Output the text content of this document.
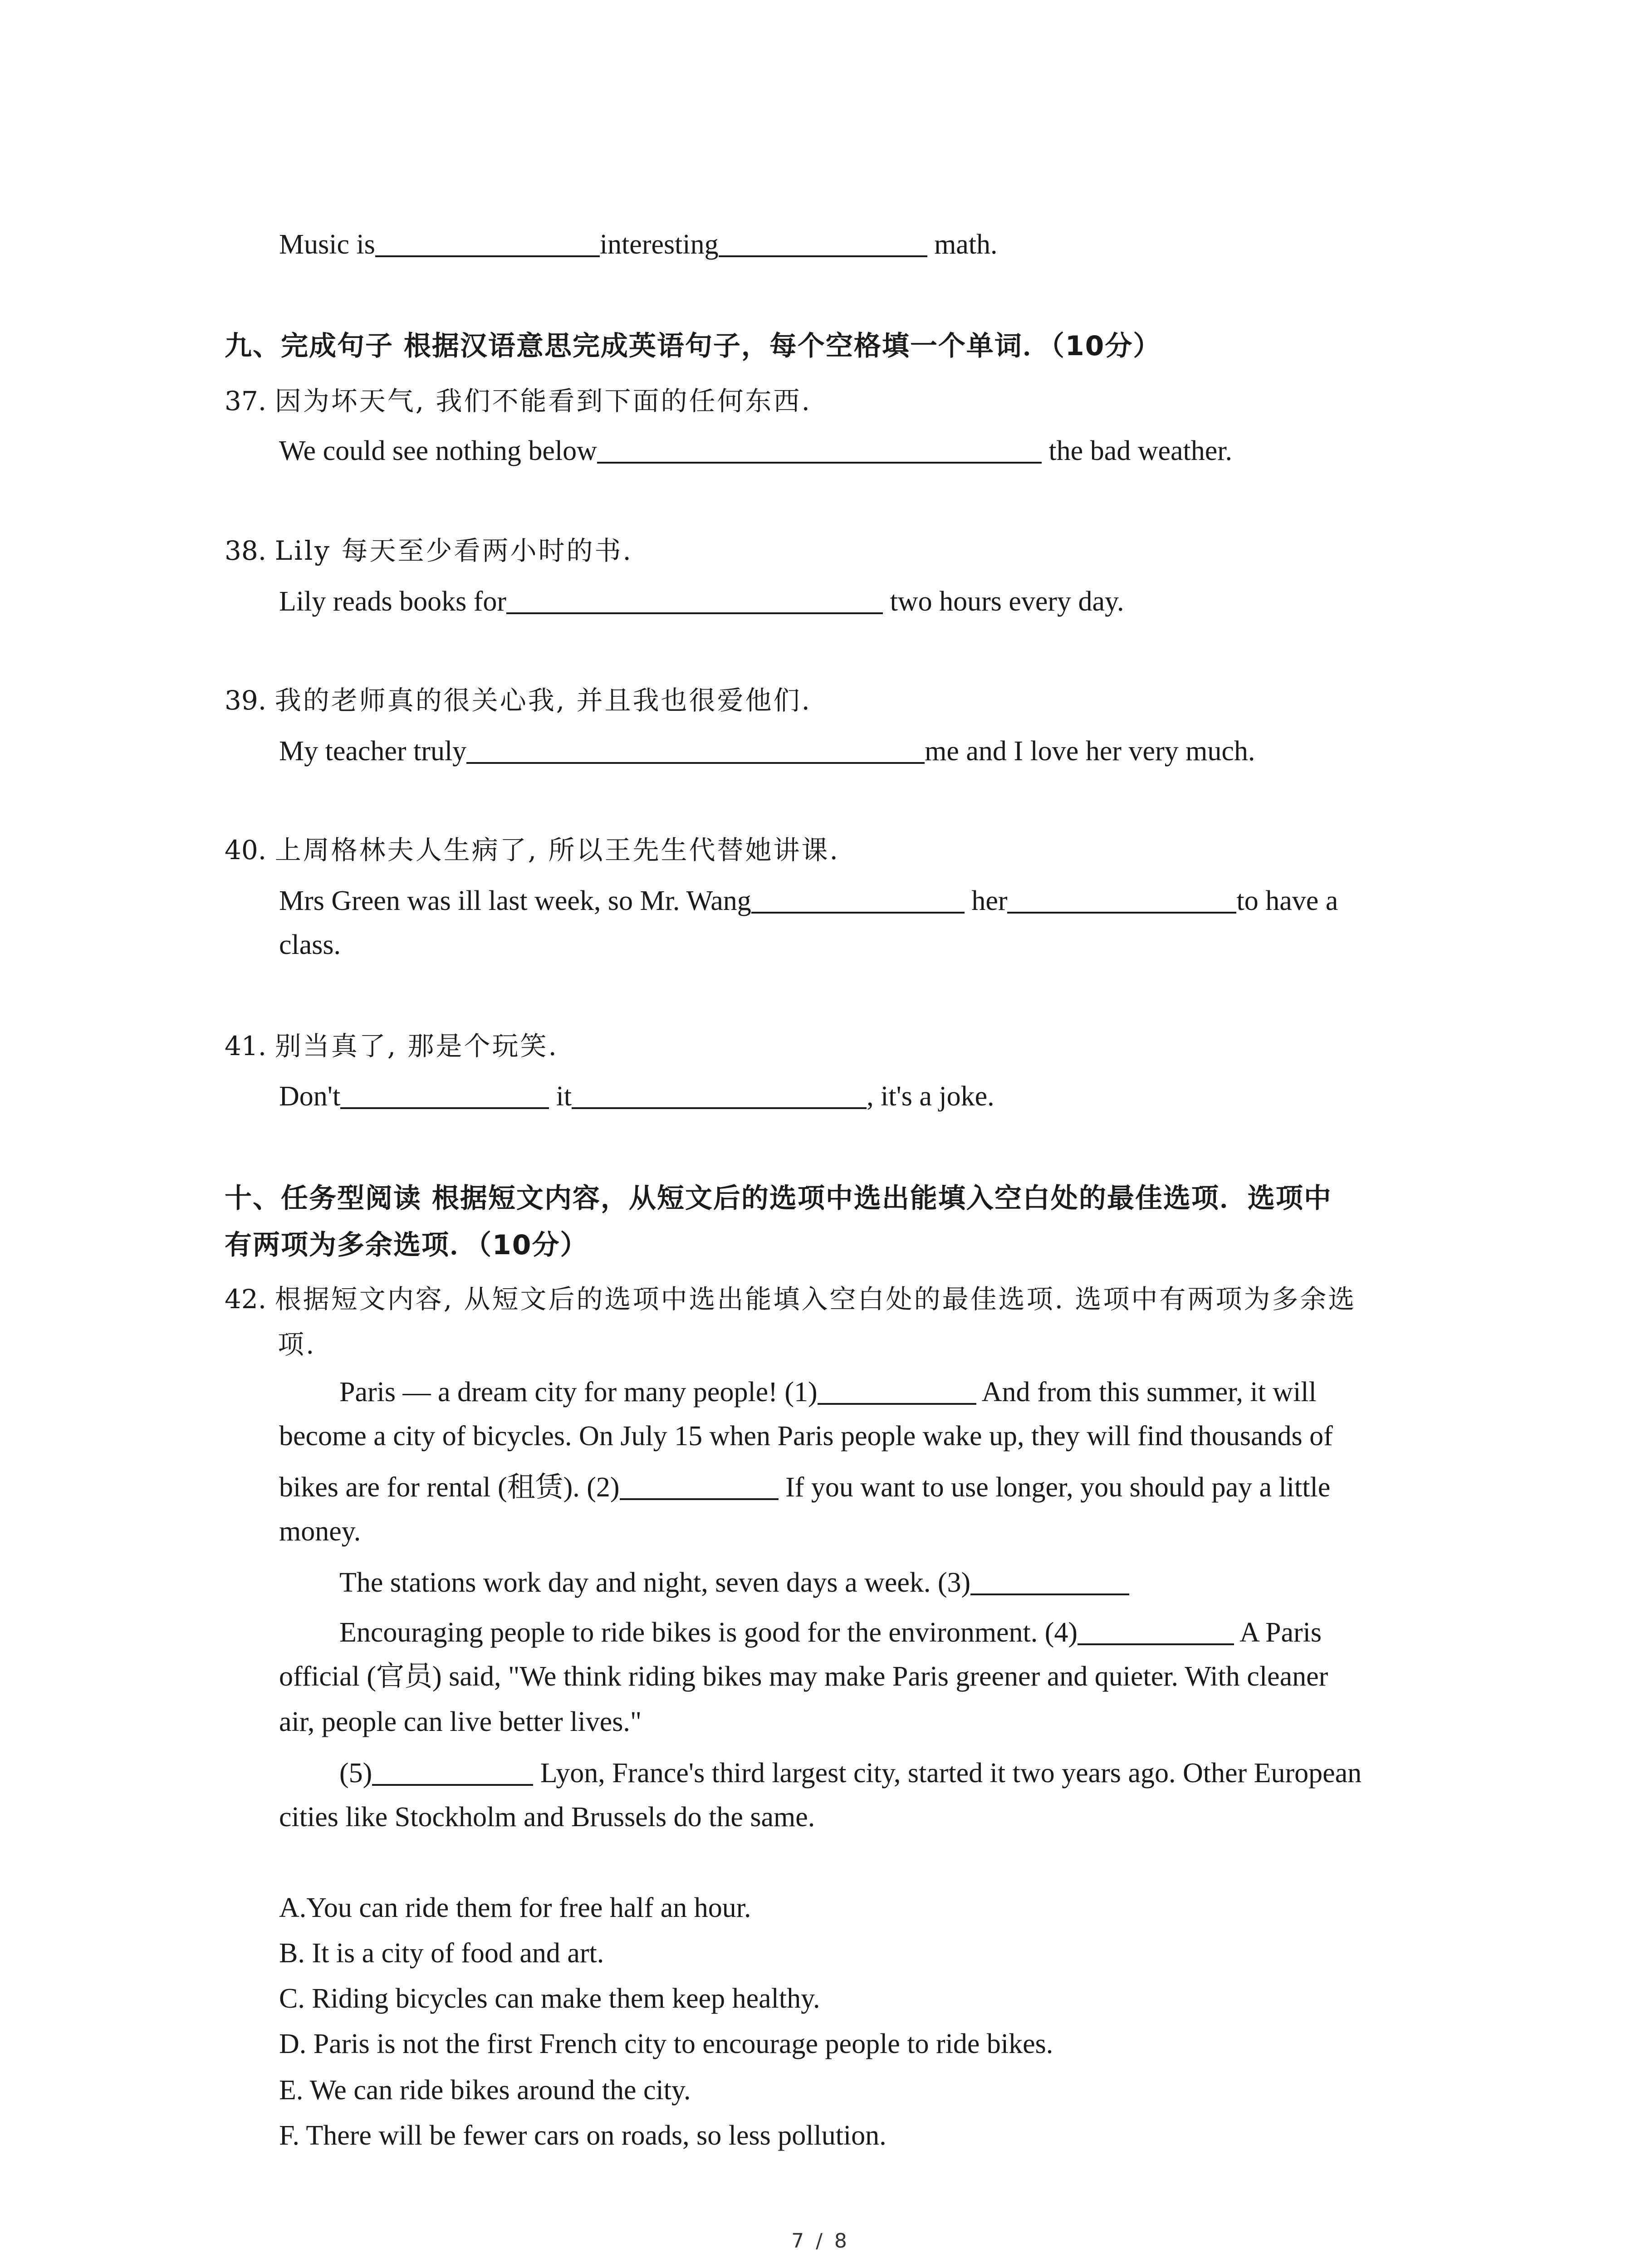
Music is	interesting	math.
九、完成句子 根据汉语意思完成英语句子，每个空格填一个单词．（10分）
37. 因为坏天气, 我们不能看到下面的任何东西.
We could see nothing below	the bad weather.
38. Lily 每天至少看两小时的书.
Lily reads books for	two hours every day.
39. 我的老师真的很关心我, 并且我也很爱他们.
My teacher truly	me and I love her very much.
40. 上周格林夫人生病了, 所以王先生代替她讲课.
Mrs Green was ill last week, so Mr. Wang	her	to have a
class.
41. 别当真了, 那是个玩笑.
Don't	it	, it's a joke.
十、任务型阅读 根据短文内容，从短文后的选项中选出能填入空白处的最佳选项．选项中
有两项为多余选项．（10分）
42. 根据短文内容, 从短文后的选项中选出能填入空白处的最佳选项. 选项中有两项为多余选
项.
Paris — a dream city for many people! (1)	And from this summer, it will
become a city of bicycles. On July 15 when Paris people wake up, they will find thousands of
bikes are for rental (租赁). (2)	If you want to use longer, you should pay a little
money.
The stations work day and night, seven days a week. (3)
Encouraging people to ride bikes is good for the environment. (4)	A Paris
official (官员) said, "We think riding bikes may make Paris greener and quieter. With cleaner
air, people can live better lives."
(5)	Lyon, France's third largest city, started it two years ago. Other European
cities like Stockholm and Brussels do the same.
A.You can ride them for free half an hour.
B. It is a city of food and art.
C. Riding bicycles can make them keep healthy.
D. Paris is not the first French city to encourage people to ride bikes.
E. We can ride bikes around the city.
F. There will be fewer cars on roads, so less pollution.
7 / 8
